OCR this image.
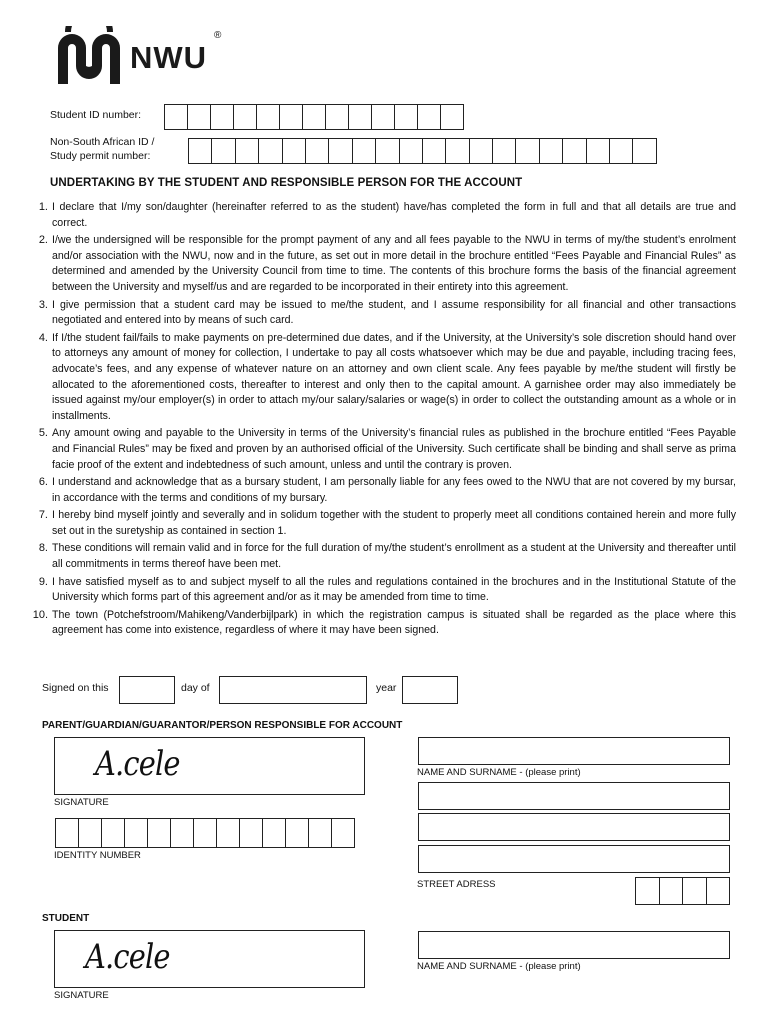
NWU
®
Student ID number:
Non-South African ID /
Study permit number:
UNDERTAKING BY THE STUDENT AND RESPONSIBLE PERSON FOR THE ACCOUNT
1. I declare that I/my son/daughter (hereinafter referred to as the student) have/has completed the form in full and that all details are true and correct.
2. I/we the undersigned will be responsible for the prompt payment of any and all fees payable to the NWU in terms of my/the student’s enrolment and/or association with the NWU, now and in the future, as set out in more detail in the brochure entitled “Fees Payable and Financial Rules” as determined and amended by the University Council from time to time. The contents of this brochure forms the basis of the financial agreement between the University and myself/us and are regarded to be incorporated in their entirety into this agreement.
3. I give permission that a student card may be issued to me/the student, and I assume responsibility for all financial and other transactions negotiated and entered into by means of such card.
4. If I/the student fail/fails to make payments on pre-determined due dates, and if the University, at the University’s sole discretion should hand over to attorneys any amount of money for collection, I undertake to pay all costs whatsoever which may be due and payable, including tracing fees, advocate’s fees, and any expense of whatever nature on an attorney and own client scale. Any fees payable by me/the student will firstly be allocated to the aforementioned costs, thereafter to interest and only then to the capital amount. A garnishee order may also immediately be issued against my/our employer(s) in order to attach my/our salary/salaries or wage(s) in order to collect the outstanding amount as a whole or in installments.
5. Any amount owing and payable to the University in terms of the University’s financial rules as published in the brochure entitled “Fees Payable and Financial Rules” may be fixed and proven by an authorised official of the University. Such certificate shall be binding and shall serve as prima facie proof of the extent and indebtedness of such amount, unless and until the contrary is proven.
6. I understand and acknowledge that as a bursary student, I am personally liable for any fees owed to the NWU that are not covered by my bursar, in accordance with the terms and conditions of my bursary.
7. I hereby bind myself jointly and severally and in solidum together with the student to properly meet all conditions contained herein and more fully set out in the suretyship as contained in section 1.
8. These conditions will remain valid and in force for the full duration of my/the student’s enrollment as a student at the University and thereafter until all commitments in terms thereof have been met.
9. I have satisfied myself as to and subject myself to all the rules and regulations contained in the brochures and in the Institutional Statute of the University which forms part of this agreement and/or as it may be amended from time to time.
10. The town (Potchefstroom/Mahikeng/Vanderbijlpark) in which the registration campus is situated shall be regarded as the place where this agreement has come into existence, regardless of where it may have been signed.
Signed on this	day of	year
PARENT/GUARDIAN/GUARANTOR/PERSON RESPONSIBLE FOR ACCOUNT
A.cele
SIGNATURE
IDENTITY NUMBER
NAME AND SURNAME - (please print)
STREET ADRESS
STUDENT
A.cele
SIGNATURE
NAME AND SURNAME - (please print)
